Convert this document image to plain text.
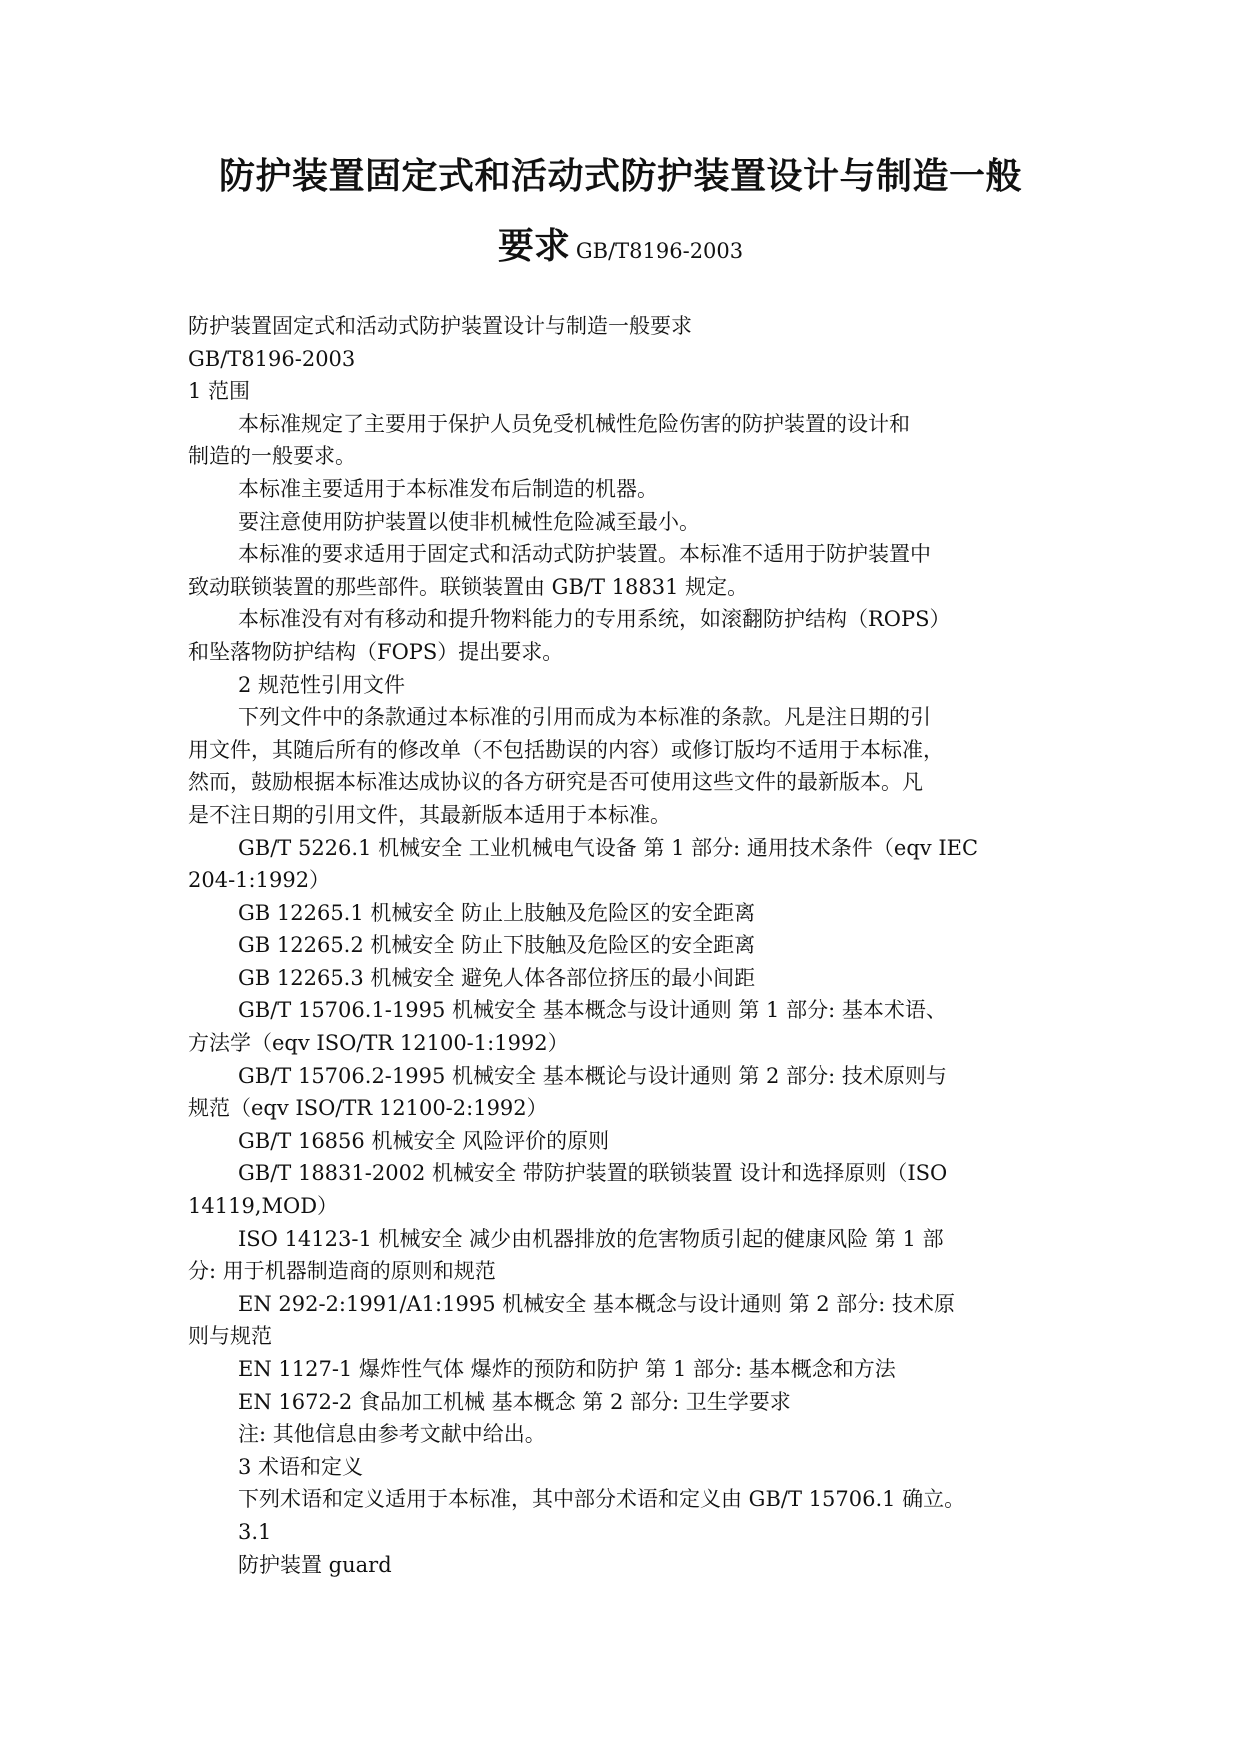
防护装置固定式和活动式防护装置设计与制造一般
要求 GB/T8196-2003
防护装置固定式和活动式防护装置设计与制造一般要求
GB/T8196-2003
1 范围
本标准规定了主要用于保护人员免受机械性危险伤害的防护装置的设计和
制造的一般要求。
本标准主要适用于本标准发布后制造的机器。
要注意使用防护装置以使非机械性危险减至最小。
本标准的要求适用于固定式和活动式防护装置。本标准不适用于防护装置中
致动联锁装置的那些部件。联锁装置由 GB/T 18831 规定。
本标准没有对有移动和提升物料能力的专用系统，如滚翻防护结构（ROPS）
和坠落物防护结构（FOPS）提出要求。
2 规范性引用文件
下列文件中的条款通过本标准的引用而成为本标准的条款。凡是注日期的引
用文件，其随后所有的修改单（不包括勘误的内容）或修订版均不适用于本标准，
然而，鼓励根据本标准达成协议的各方研究是否可使用这些文件的最新版本。凡
是不注日期的引用文件，其最新版本适用于本标准。
GB/T 5226.1 机械安全 工业机械电气设备 第 1 部分: 通用技术条件（eqv IEC
204-1:1992）
GB 12265.1 机械安全 防止上肢触及危险区的安全距离
GB 12265.2 机械安全 防止下肢触及危险区的安全距离
GB 12265.3 机械安全 避免人体各部位挤压的最小间距
GB/T 15706.1-1995 机械安全 基本概念与设计通则 第 1 部分: 基本术语、
方法学（eqv ISO/TR 12100-1:1992）
GB/T 15706.2-1995 机械安全 基本概论与设计通则 第 2 部分: 技术原则与
规范（eqv ISO/TR 12100-2:1992）
GB/T 16856 机械安全 风险评价的原则
GB/T 18831-2002 机械安全 带防护装置的联锁装置 设计和选择原则（ISO
14119,MOD）
ISO 14123-1 机械安全 减少由机器排放的危害物质引起的健康风险 第 1 部
分: 用于机器制造商的原则和规范
EN 292-2:1991/A1:1995 机械安全 基本概念与设计通则 第 2 部分: 技术原
则与规范
EN 1127-1 爆炸性气体 爆炸的预防和防护 第 1 部分: 基本概念和方法
EN 1672-2 食品加工机械 基本概念 第 2 部分: 卫生学要求
注: 其他信息由参考文献中给出。
3 术语和定义
下列术语和定义适用于本标准，其中部分术语和定义由 GB/T 15706.1 确立。
3.1
防护装置 guard
